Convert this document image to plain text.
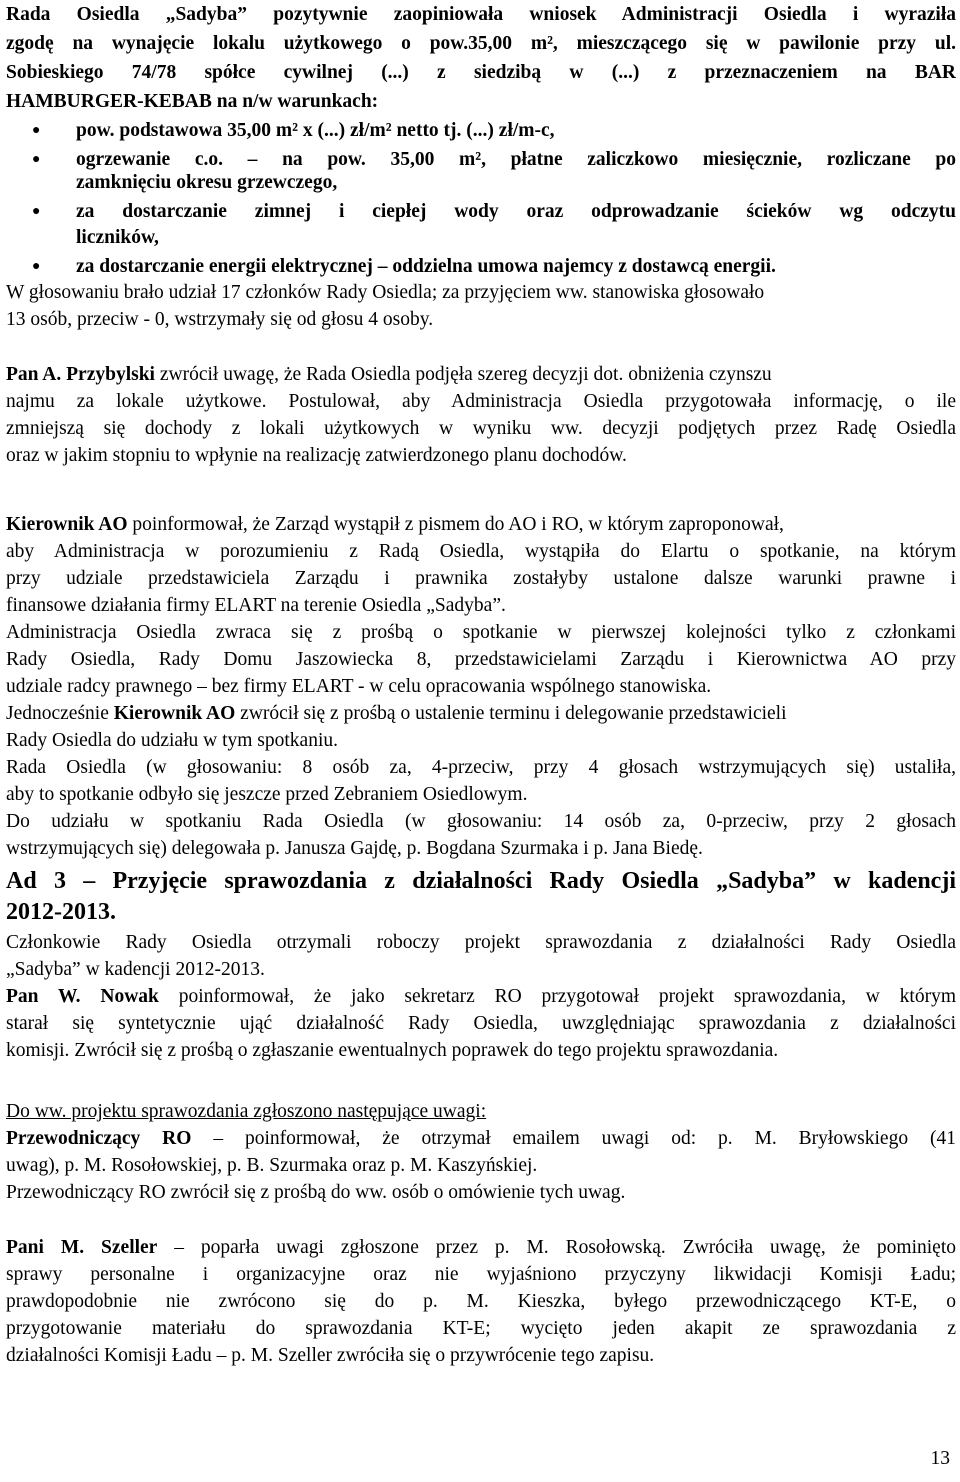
Rada Osiedla „Sadyba” pozytywnie zaopiniowała wniosek Administracji Osiedla i wyraziła
zgodę na wynajęcie lokalu użytkowego o pow.35,00 m², mieszczącego się w pawilonie przy ul.
Sobieskiego 74/78 spółce cywilnej (...) z siedzibą w (...) z przeznaczeniem na BAR
HAMBURGER-KEBAB na n/w warunkach:
● pow. podstawowa 35,00 m² x (...) zł/m² netto tj. (...) zł/m-c,
● ogrzewanie c.o. – na pow. 35,00 m², płatne zaliczkowo miesięcznie, rozliczane po
zamknięciu okresu grzewczego,
● za dostarczanie zimnej i ciepłej wody oraz odprowadzanie ścieków wg odczytu
liczników,
● za dostarczanie energii elektrycznej – oddzielna umowa najemcy z dostawcą energii.
W głosowaniu brało udział 17 członków Rady Osiedla; za przyjęciem ww. stanowiska głosowało
13 osób, przeciw - 0, wstrzymały się od głosu 4 osoby.
Pan A. Przybylski zwrócił uwagę, że Rada Osiedla podjęła szereg decyzji dot. obniżenia czynszu
najmu za lokale użytkowe. Postulował, aby Administracja Osiedla przygotowała informację, o ile
zmniejszą się dochody z lokali użytkowych w wyniku ww. decyzji podjętych przez Radę Osiedla
oraz w jakim stopniu to wpłynie na realizację zatwierdzonego planu dochodów.
Kierownik AO poinformował, że Zarząd wystąpił z pismem do AO i RO, w którym zaproponował,
aby Administracja w porozumieniu z Radą Osiedla, wystąpiła do Elartu o spotkanie, na którym
przy udziale przedstawiciela Zarządu i prawnika zostałyby ustalone dalsze warunki prawne i
finansowe działania firmy ELART na terenie Osiedla „Sadyba”.
Administracja Osiedla zwraca się z prośbą o spotkanie w pierwszej kolejności tylko z członkami
Rady Osiedla, Rady Domu Jaszowiecka 8, przedstawicielami Zarządu i Kierownictwa AO przy
udziale radcy prawnego – bez firmy ELART - w celu opracowania wspólnego stanowiska.
Jednocześnie Kierownik AO zwrócił się z prośbą o ustalenie terminu i delegowanie przedstawicieli
Rady Osiedla do udziału w tym spotkaniu.
Rada Osiedla (w głosowaniu: 8 osób za, 4-przeciw, przy 4 głosach wstrzymujących się) ustaliła,
aby to spotkanie odbyło się jeszcze przed Zebraniem Osiedlowym.
Do udziału w spotkaniu Rada Osiedla (w głosowaniu: 14 osób za, 0-przeciw, przy 2 głosach
wstrzymujących się) delegowała p. Janusza Gajdę, p. Bogdana Szurmaka i p. Jana Biedę.
Ad 3 – Przyjęcie sprawozdania z działalności Rady Osiedla „Sadyba” w kadencji
2012-2013.
Członkowie Rady Osiedla otrzymali roboczy projekt sprawozdania z działalności Rady Osiedla
„Sadyba” w kadencji 2012-2013.
Pan W. Nowak poinformował, że jako sekretarz RO przygotował projekt sprawozdania, w którym
starał się syntetycznie ująć działalność Rady Osiedla, uwzględniając sprawozdania z działalności
komisji. Zwrócił się z prośbą o zgłaszanie ewentualnych poprawek do tego projektu sprawozdania.
Do ww. projektu sprawozdania zgłoszono następujące uwagi:
Przewodniczący RO – poinformował, że otrzymał emailem uwagi od: p. M. Bryłowskiego (41
uwag), p. M. Rosołowskiej, p. B. Szurmaka oraz p. M. Kaszyńskiej.
Przewodniczący RO zwrócił się z prośbą do ww. osób o omówienie tych uwag.
Pani M. Szeller – poparła uwagi zgłoszone przez p. M. Rosołowską. Zwróciła uwagę, że pominięto
sprawy personalne i organizacyjne oraz nie wyjaśniono przyczyny likwidacji Komisji Ładu;
prawdopodobnie nie zwrócono się do p. M. Kieszka, byłego przewodniczącego KT-E, o
przygotowanie materiału do sprawozdania KT-E; wycięto jeden akapit ze sprawozdania z
działalności Komisji Ładu – p. M. Szeller zwróciła się o przywrócenie tego zapisu.
13
